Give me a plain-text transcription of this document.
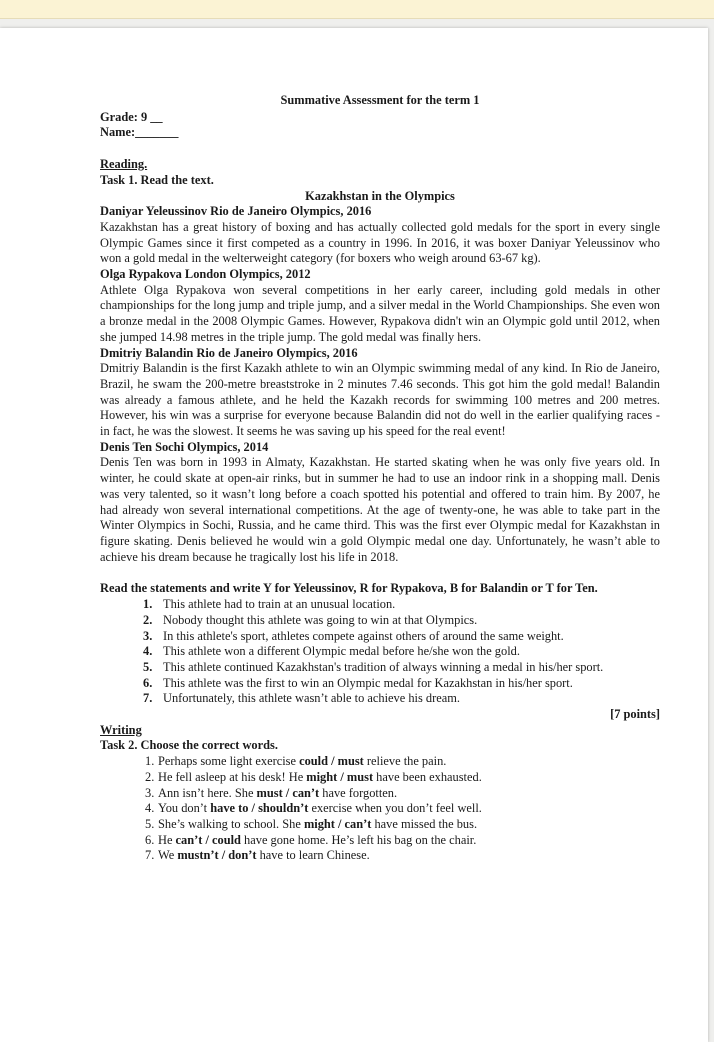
Summative Assessment for the term 1
Grade: 9 __
Name:_______
Reading.
Task 1. Read the text.
Kazakhstan in the Olympics
Daniyar Yeleussinov Rio de Janeiro Olympics, 2016
Kazakhstan has a great history of boxing and has actually collected gold medals for the sport in every single Olympic Games since it first competed as a country in 1996. In 2016, it was boxer Daniyar Yeleussinov who won a gold medal in the welterweight category (for boxers who weigh around 63-67 kg).
Olga Rypakova London Olympics, 2012
Athlete Olga Rypakova won several competitions in her early career, including gold medals in other championships for the long jump and triple jump, and a silver medal in the World Championships. She even won a bronze medal in the 2008 Olympic Games. However, Rypakova didn't win an Olympic gold until 2012, when she jumped 14.98 metres in the triple jump. The gold medal was finally hers.
Dmitriy Balandin Rio de Janeiro Olympics, 2016
Dmitriy Balandin is the first Kazakh athlete to win an Olympic swimming medal of any kind. In Rio de Janeiro, Brazil, he swam the 200-metre breaststroke in 2 minutes 7.46 seconds. This got him the gold medal! Balandin was already a famous athlete, and he held the Kazakh records for swimming 100 metres and 200 metres. However, his win was a surprise for everyone because Balandin did not do well in the earlier qualifying races - in fact, he was the slowest. It seems he was saving up his speed for the real event!
Denis Ten Sochi Olympics, 2014
Denis Ten was born in 1993 in Almaty, Kazakhstan. He started skating when he was only five years old. In winter, he could skate at open-air rinks, but in summer he had to use an indoor rink in a shopping mall. Denis was very talented, so it wasn’t long before a coach spotted his potential and offered to train him. By 2007, he had already won several international competitions. At the age of twenty-one, he was able to take part in the Winter Olympics in Sochi, Russia, and he came third. This was the first ever Olympic medal for Kazakhstan in figure skating. Denis believed he would win a gold Olympic medal one day. Unfortunately, he wasn’t able to achieve his dream because he tragically lost his life in 2018.
Read the statements and write Y for Yeleussinov, R for Rypakova, B for Balandin or T for Ten.
1. This athlete had to train at an unusual location.
2. Nobody thought this athlete was going to win at that Olympics.
3. In this athlete's sport, athletes compete against others of around the same weight.
4. This athlete won a different Olympic medal before he/she won the gold.
5. This athlete continued Kazakhstan's tradition of always winning a medal in his/her sport.
6. This athlete was the first to win an Olympic medal for Kazakhstan in his/her sport.
7. Unfortunately, this athlete wasn’t able to achieve his dream.
[7 points]
Writing
Task 2. Choose the correct words.
1. Perhaps some light exercise could / must relieve the pain.
2. He fell asleep at his desk! He might / must have been exhausted.
3. Ann isn’t here. She must / can’t have forgotten.
4. You don’t have to / shouldn’t exercise when you don’t feel well.
5. She’s walking to school. She might / can’t have missed the bus.
6. He can’t / could have gone home. He’s left his bag on the chair.
7. We mustn’t / don’t have to learn Chinese.
